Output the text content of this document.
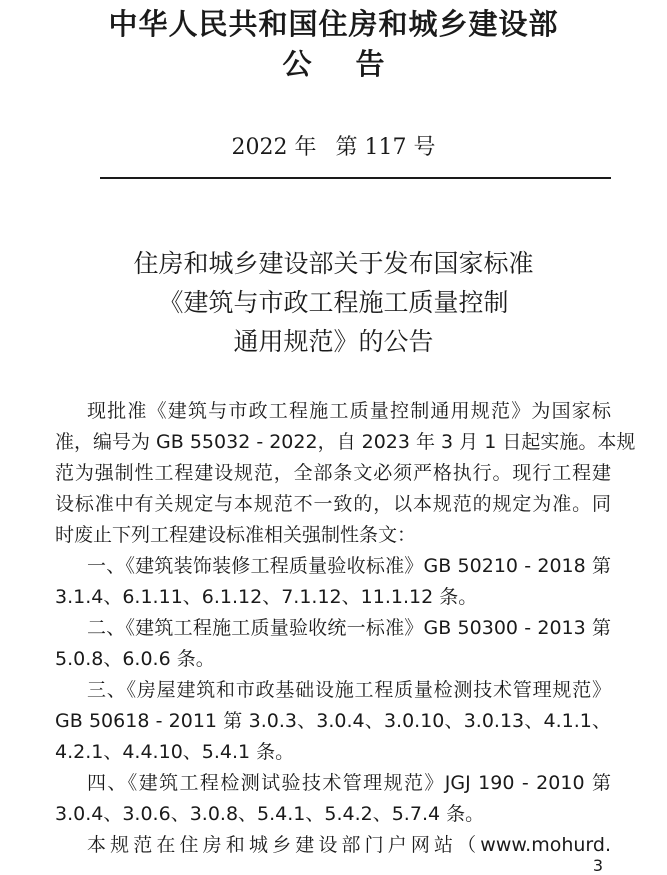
中华人民共和国住房和城乡建设部
公告
2022 年 第 117 号
住房和城乡建设部关于发布国家标准
《建筑与市政工程施工质量控制
通用规范》的公告
现批准《建筑与市政工程施工质量控制通用规范》为国家标
准，编号为 GB 55032 - 2022，自 2023 年 3 月 1 日起实施。本规
范为强制性工程建设规范，全部条文必须严格执行。现行工程建
设标准中有关规定与本规范不一致的，以本规范的规定为准。同
时废止下列工程建设标准相关强制性条文：
一、《建筑装饰装修工程质量验收标准》GB 50210 - 2018 第
3.1.4、6.1.11、6.1.12、7.1.12、11.1.12 条。
二、《建筑工程施工质量验收统一标准》GB 50300 - 2013 第
5.0.8、6.0.6 条。
三、《房屋建筑和市政基础设施工程质量检测技术管理规范》
GB 50618 - 2011 第 3.0.3、3.0.4、3.0.10、3.0.13、4.1.1、
4.2.1、4.4.10、5.4.1 条。
四、《建筑工程检测试验技术管理规范》JGJ 190 - 2010 第
3.0.4、3.0.6、3.0.8、5.4.1、5.4.2、5.7.4 条。
本规范在住房和城乡建设部门户网站（www.mohurd.
3
